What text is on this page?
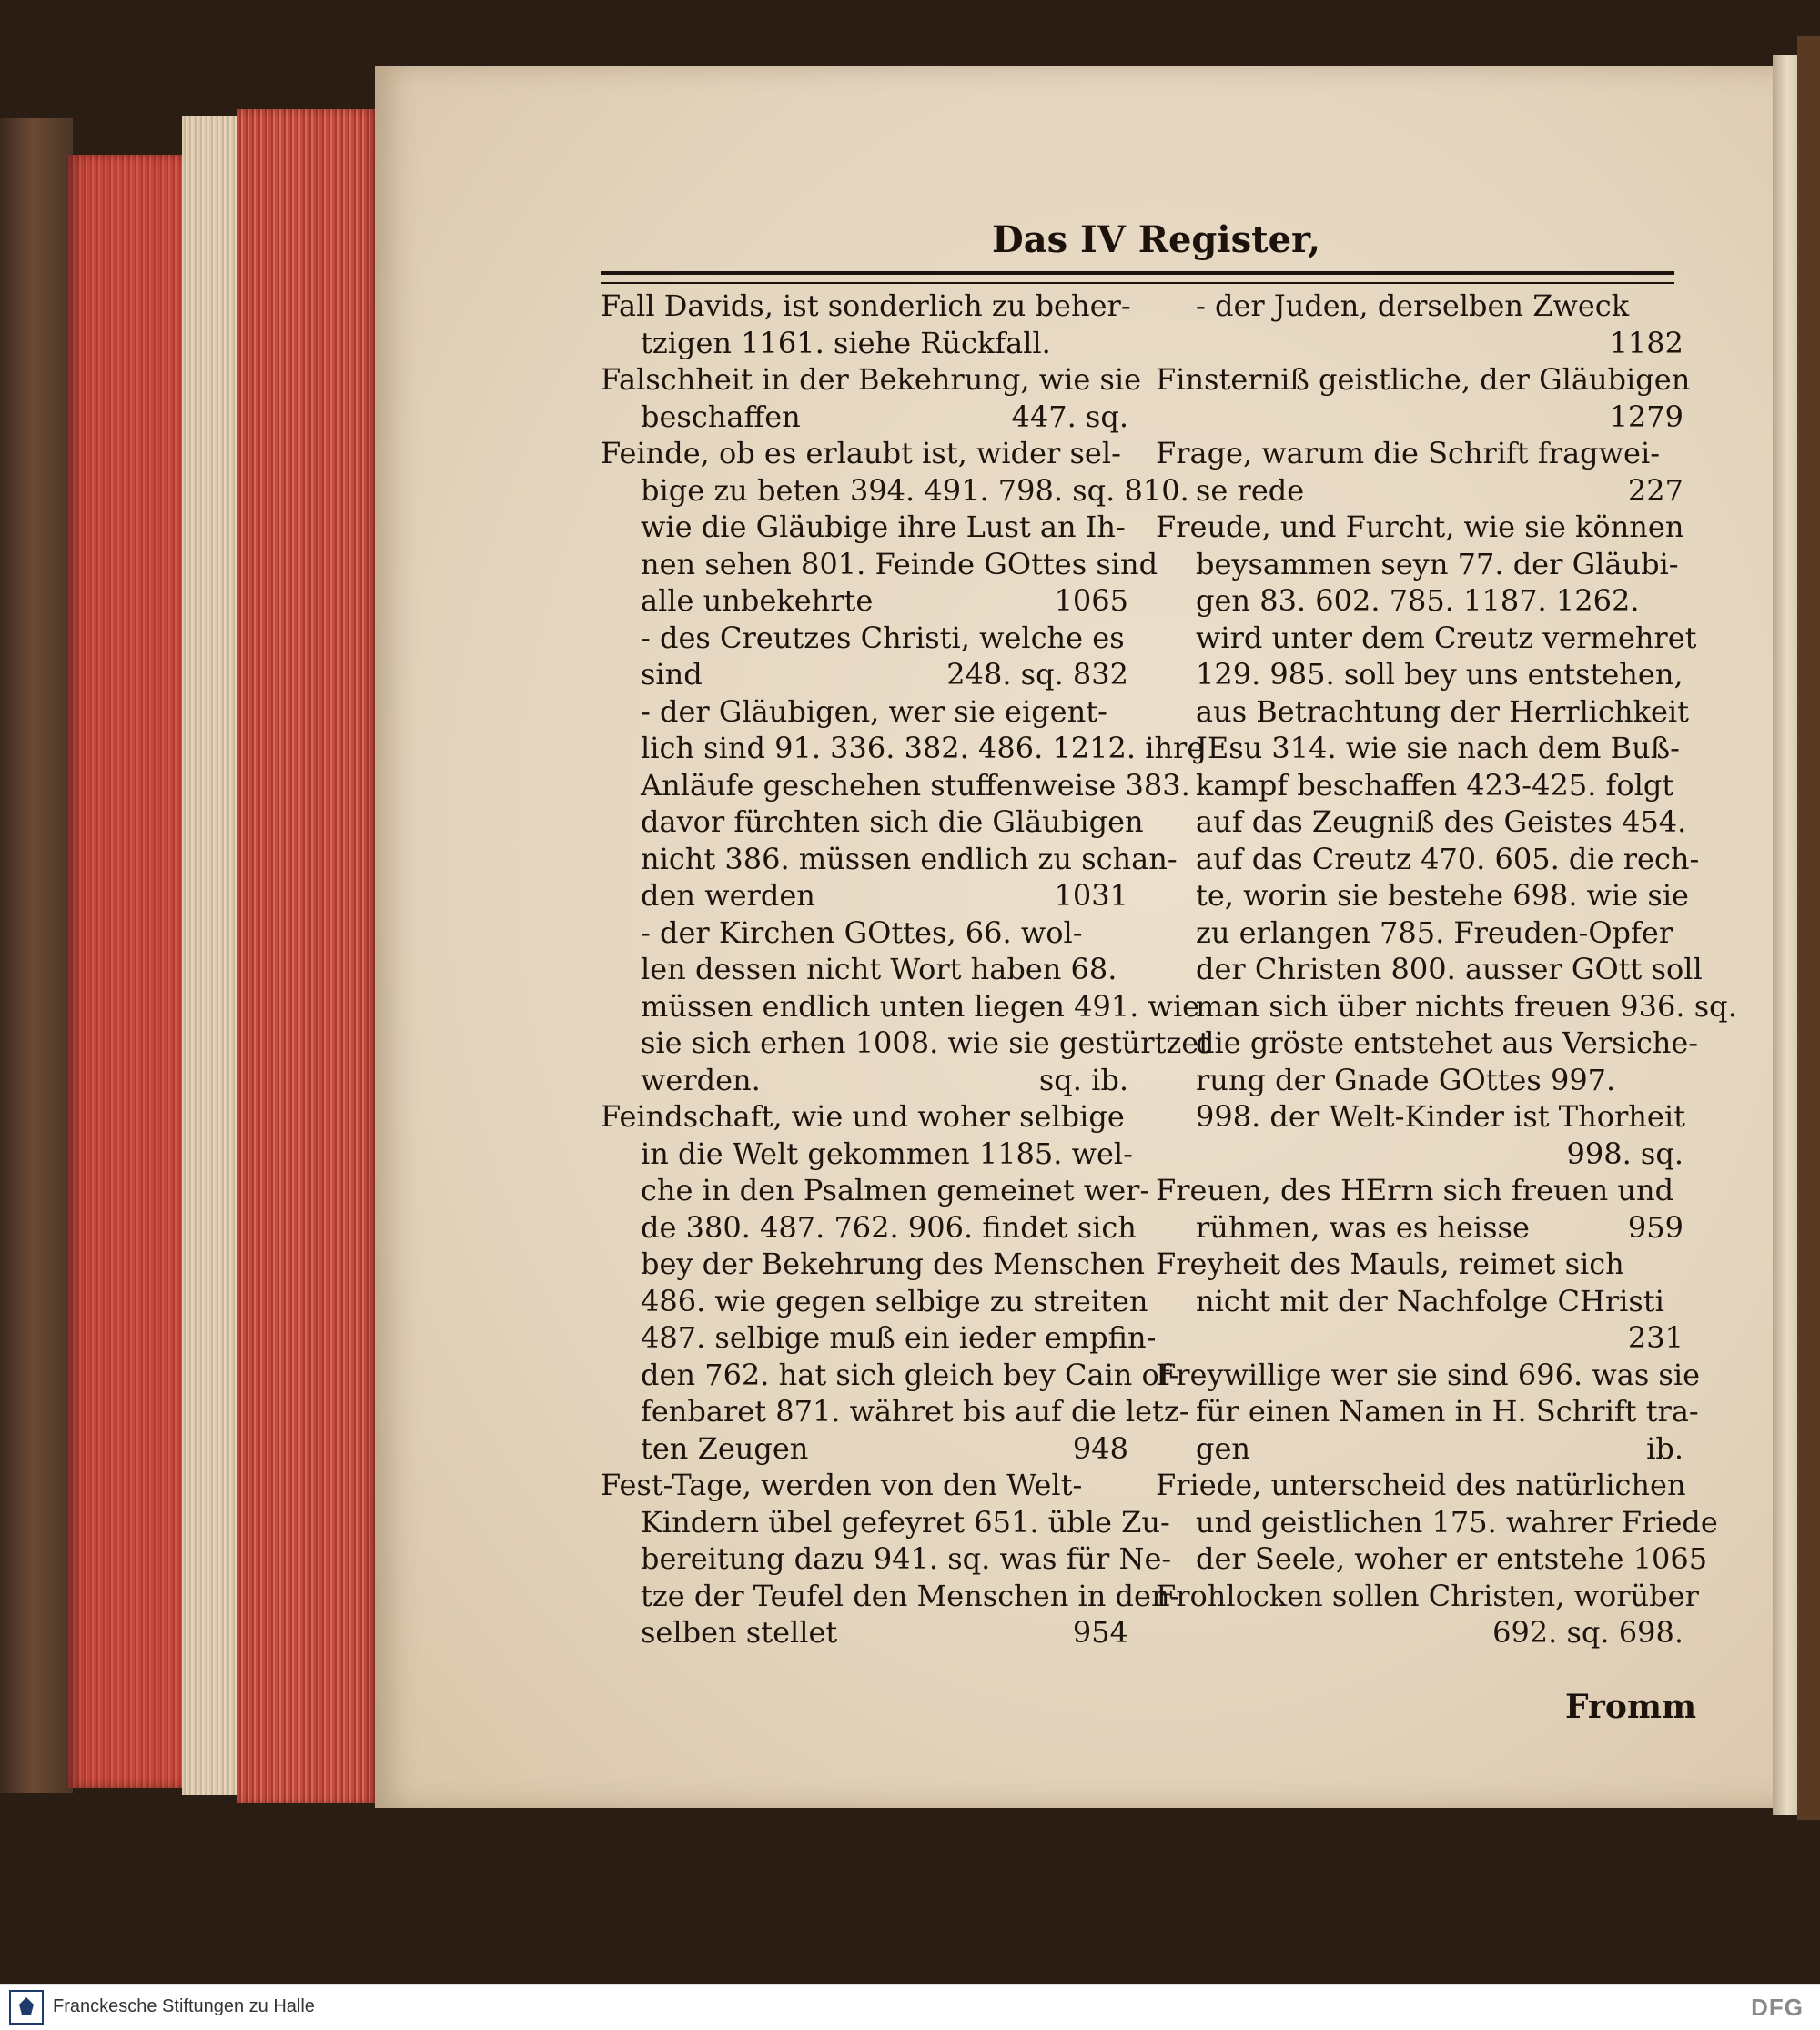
Das IV Register,
Fall Davids, ist sonderlich zu beher-
tzigen 1161. siehe Rückfall.
Falschheit in der Bekehrung, wie sie
beschaffen	447. sq.
Feinde, ob es erlaubt ist, wider sel-
bige zu beten 394. 491. 798. sq. 810.
wie die Gläubige ihre Lust an Ih-
nen sehen 801. Feinde GOttes sind
alle unbekehrte	1065
- des Creutzes Christi, welche es
sind	248. sq. 832
- der Gläubigen, wer sie eigent-
lich sind 91. 336. 382. 486. 1212. ihre
Anläufe geschehen stuffenweise 383.
davor fürchten sich die Gläubigen
nicht 386. müssen endlich zu schan-
den werden	1031
- der Kirchen GOttes, 66. wol-
len dessen nicht Wort haben 68.
müssen endlich unten liegen 491. wie
sie sich erhen 1008. wie sie gestürtzet
werden.	sq. ib.
Feindschaft, wie und woher selbige
in die Welt gekommen 1185. wel-
che in den Psalmen gemeinet wer-
de 380. 487. 762. 906. findet sich
bey der Bekehrung des Menschen
486. wie gegen selbige zu streiten
487. selbige muß ein ieder empfin-
den 762. hat sich gleich bey Cain of-
fenbaret 871. währet bis auf die letz-
ten Zeugen	948
Fest-Tage, werden von den Welt-
Kindern übel gefeyret 651. üble Zu-
bereitung dazu 941. sq. was für Ne-
tze der Teufel den Menschen in den-
selben stellet	954
- der Juden, derselben Zweck
1182
Finsterniß geistliche, der Gläubigen
1279
Frage, warum die Schrift fragwei-
se rede	227
Freude, und Furcht, wie sie können
beysammen seyn 77. der Gläubi-
gen 83. 602. 785. 1187. 1262.
wird unter dem Creutz vermehret
129. 985. soll bey uns entstehen,
aus Betrachtung der Herrlichkeit
JEsu 314. wie sie nach dem Buß-
kampf beschaffen 423-425. folgt
auf das Zeugniß des Geistes 454.
auf das Creutz 470. 605. die rech-
te, worin sie bestehe 698. wie sie
zu erlangen 785. Freuden-Opfer
der Christen 800. ausser GOtt soll
man sich über nichts freuen 936. sq.
die gröste entstehet aus Versiche-
rung der Gnade GOttes 997.
998. der Welt-Kinder ist Thorheit
998. sq.
Freuen, des HErrn sich freuen und
rühmen, was es heisse	959
Freyheit des Mauls, reimet sich
nicht mit der Nachfolge CHristi
231
Freywillige wer sie sind 696. was sie
für einen Namen in H. Schrift tra-
gen	ib.
Friede, unterscheid des natürlichen
und geistlichen 175. wahrer Friede
der Seele, woher er entstehe 1065
Frohlocken sollen Christen, worüber
692. sq. 698.
Fromm
Franckesche Stiftungen zu Halle	DFG
